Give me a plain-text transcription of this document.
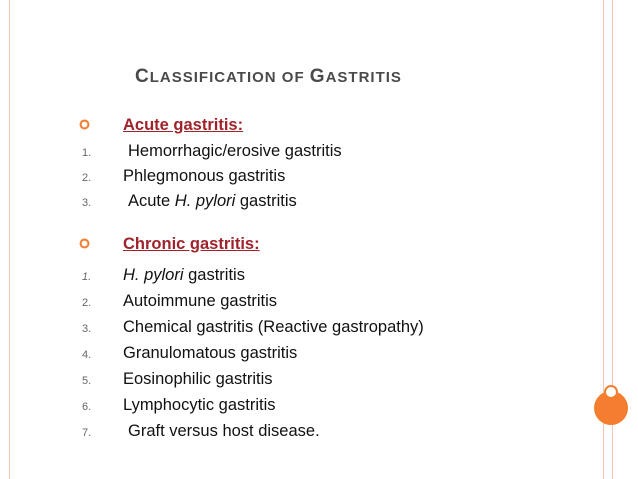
CLASSIFICATION OF GASTRITIS
Acute gastritis:
1. Hemorrhagic/erosive gastritis
2. Phlegmonous gastritis
3. Acute H. pylori gastritis
Chronic gastritis:
1. H. pylori gastritis
2. Autoimmune gastritis
3. Chemical gastritis (Reactive gastropathy)
4. Granulomatous gastritis
5. Eosinophilic gastritis
6. Lymphocytic gastritis
7. Graft versus host disease.
